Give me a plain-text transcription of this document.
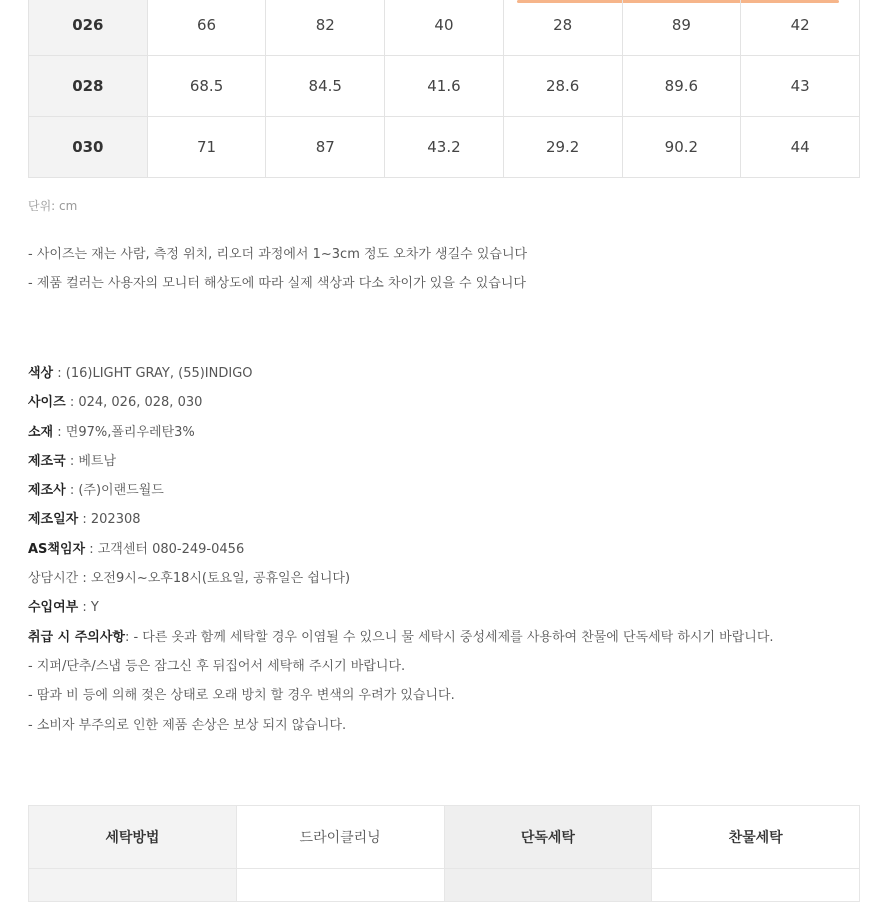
026	66	82	40	28	89	42
028	68.5	84.5	41.6	28.6	89.6	43
030	71	87	43.2	29.2	90.2	44
단위: cm
- 사이즈는 재는 사람, 측정 위치, 리오더 과정에서 1~3cm 정도 오차가 생길수 있습니다
- 제품 컬러는 사용자의 모니터 해상도에 따라 실제 색상과 다소 차이가 있을 수 있습니다
색상 : (16)LIGHT GRAY, (55)INDIGO
사이즈 : 024, 026, 028, 030
소재 : 면97%,폴리우레탄3%
제조국 : 베트남
제조사 : (주)이랜드월드
제조일자 : 202308
AS책임자 : 고객센터 080-249-0456
상담시간 : 오전9시~오후18시(토요일, 공휴일은 쉽니다)
수입여부 : Y
취급 시 주의사항: - 다른 옷과 함께 세탁할 경우 이염될 수 있으니 물 세탁시 중성세제를 사용하여 찬물에 단독세탁 하시기 바랍니다.
- 지퍼/단추/스냅 등은 잠그신 후 뒤집어서 세탁해 주시기 바랍니다.
- 땀과 비 등에 의해 젖은 상태로 오래 방치 할 경우 변색의 우려가 있습니다.
- 소비자 부주의로 인한 제품 손상은 보상 되지 않습니다.
세탁방법	드라이클리닝	단독세탁	찬물세탁
